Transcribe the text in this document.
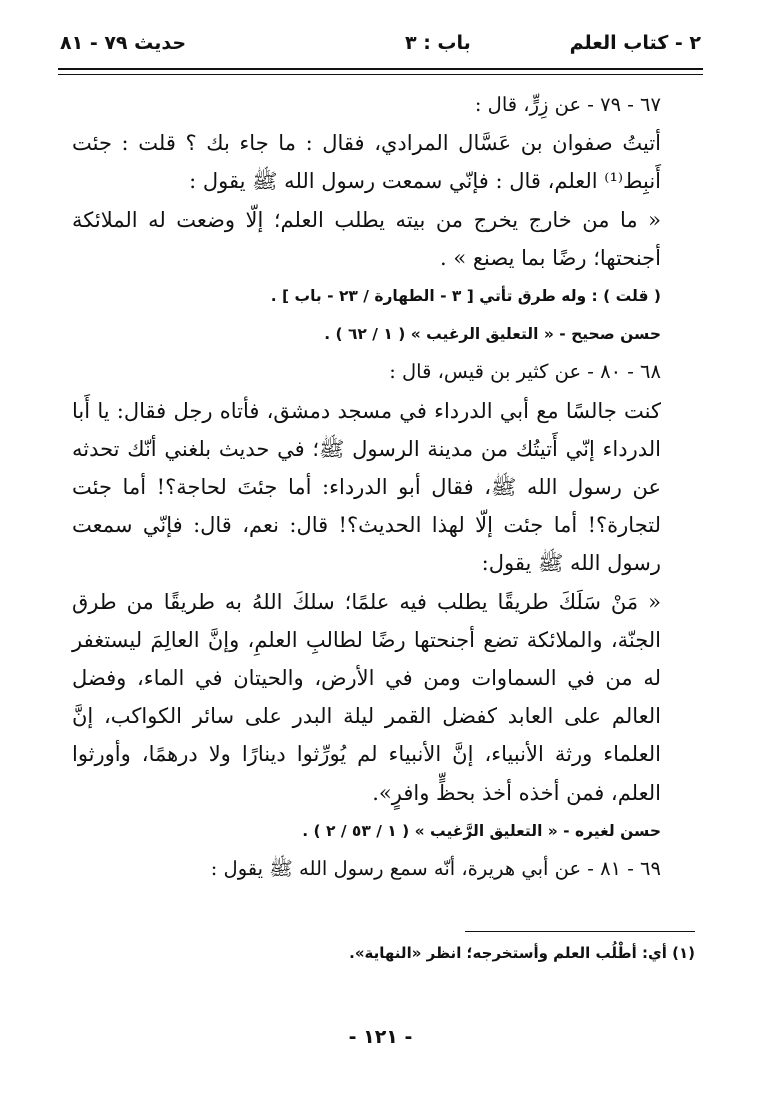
٢ - كتاب العلم
باب : ٣
حديث ٧٩ - ٨١

٦٧ - ٧٩ - عن زِرٍّ، قال :

أتيتُ صفوان بن عَسَّال المرادي، فقال : ما جاء بك ؟ قلت : جئت أَنبِط⁽¹⁾ العلم، قال : فإنّي سمعت رسول الله ﷺ يقول :

« ما من خارج يخرج من بيته يطلب العلم؛ إلّا وضعت له الملائكة أجنحتها؛ رضًا بما يصنع » .

( قلت ) : وله طرق تأتي [ ٣ - الطهارة / ٢٣ - باب ] .

حسن صحيح - « التعليق الرغيب » ( ١ / ٦٢ ) .

٦٨ - ٨٠ - عن كثير بن قيس، قال :

كنت جالسًا مع أبي الدرداء في مسجد دمشق، فأتاه رجل فقال: يا أَبا الدرداء إنّي أَتيتُك من مدينة الرسول ﷺ؛ في حديث بلغني أنّك تحدثه عن رسول الله ﷺ، فقال أبو الدرداء: أما جئتَ لحاجة؟! أما جئت لتجارة؟! أما جئت إلّا لهذا الحديث؟! قال: نعم، قال: فإنّي سمعت رسول الله ﷺ يقول:

« مَنْ سَلَكَ طريقًا يطلب فيه علمًا؛ سلكَ اللهُ به طريقًا من طرق الجنّة، والملائكة تضع أجنحتها رضًا لطالبِ العلمِ، وإنَّ العالِمَ ليستغفر له من في السماوات ومن في الأرض، والحيتان في الماء، وفضل العالم على العابد كفضل القمر ليلة البدر على سائر الكواكب، إنَّ العلماء ورثة الأنبياء، إنَّ الأنبياء لم يُورِّثوا دينارًا ولا درهمًا، وأورثوا العلم، فمن أخذه أخذ بحظٍّ وافرٍ».

حسن لغيره - « التعليق الرَّغيب » ( ١ / ٥٣ / ٢ ) .

٦٩ - ٨١ - عن أبي هريرة، أنّه سمع رسول الله ﷺ يقول :

(١) أي: أطْلُب العلم وأستخرجه؛ انظر «النهاية».
- ١٢١ -
